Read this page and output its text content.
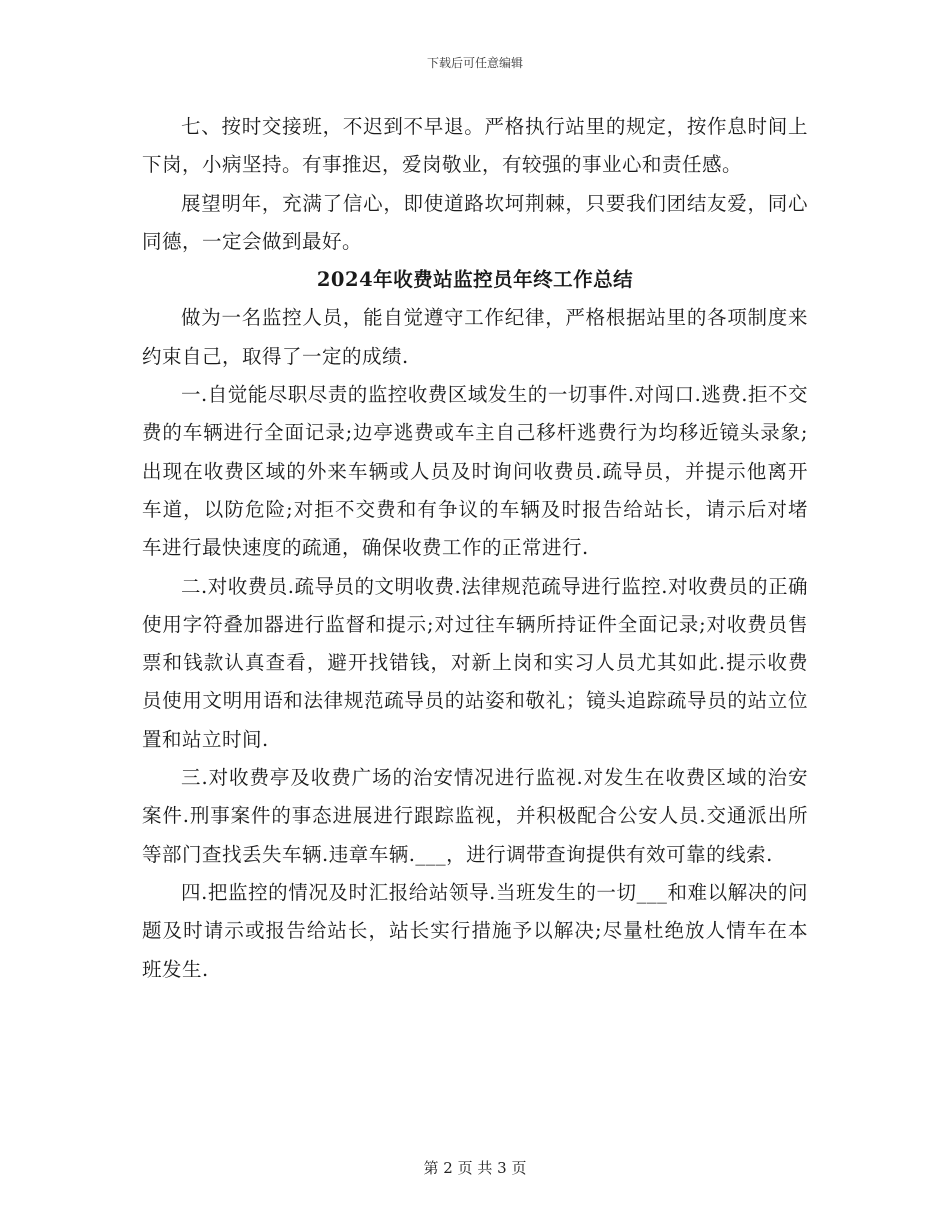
下载后可任意编辑

七、按时交接班，不迟到不早退。严格执行站里的规定，按作息时间上下岗，小病坚持。有事推迟，爱岗敬业，有较强的事业心和责任感。

展望明年，充满了信心，即使道路坎坷荆棘，只要我们团结友爱，同心同德，一定会做到最好。

2024年收费站监控员年终工作总结

做为一名监控人员，能自觉遵守工作纪律，严格根据站里的各项制度来约束自己，取得了一定的成绩.

一.自觉能尽职尽责的监控收费区域发生的一切事件.对闯口.逃费.拒不交费的车辆进行全面记录;边亭逃费或车主自己移杆逃费行为均移近镜头录象;出现在收费区域的外来车辆或人员及时询问收费员.疏导员，并提示他离开车道，以防危险;对拒不交费和有争议的车辆及时报告给站长，请示后对堵车进行最快速度的疏通，确保收费工作的正常进行.

二.对收费员.疏导员的文明收费.法律规范疏导进行监控.对收费员的正确使用字符叠加器进行监督和提示;对过往车辆所持证件全面记录;对收费员售票和钱款认真查看，避开找错钱，对新上岗和实习人员尤其如此.提示收费员使用文明用语和法律规范疏导员的站姿和敬礼；镜头追踪疏导员的站立位置和站立时间.

三.对收费亭及收费广场的治安情况进行监视.对发生在收费区域的治安案件.刑事案件的事态进展进行跟踪监视，并积极配合公安人员.交通派出所等部门查找丢失车辆.违章车辆.___，进行调带查询提供有效可靠的线索.

四.把监控的情况及时汇报给站领导.当班发生的一切___和难以解决的问题及时请示或报告给站长，站长实行措施予以解决;尽量杜绝放人情车在本班发生.

第 2 页 共 3 页
